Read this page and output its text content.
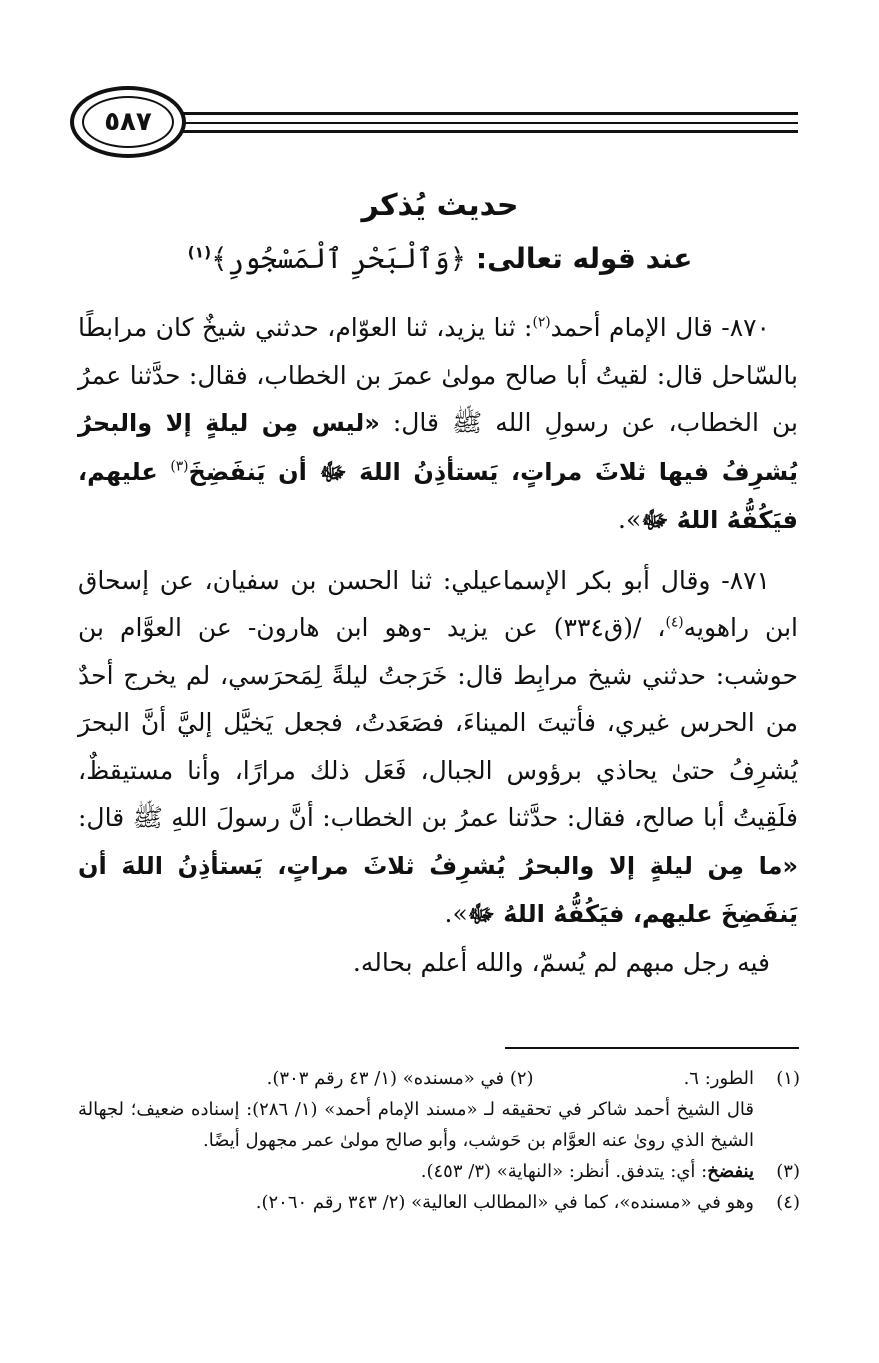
٥٨٧

حديث يُذكر

عند قوله تعالى: ﴿وَٱلْبَحْرِ ٱلْمَسْجُورِ﴾$^{(١)}$

٨٧٠- قال الإمام أحمد$^{(٢)}$: ثنا يزيد، ثنا العوّام، حدثني شيخٌ كان مرابطًا بالسّاحل قال: لقيتُ أبا صالح مولىٰ عمرَ بن الخطاب، فقال: حدَّثنا عمرُ بن الخطاب، عن رسولِ الله ﷺ قال: «ليس مِن ليلةٍ إلا والبحرُ يُشرِفُ فيها ثلاثَ مراتٍ، يَستأذِنُ اللهَ ﷻ أن يَنفَضِخَ$^{(٣)}$ عليهم، فيَكُفُّهُ اللهُ ﷻ».

٨٧١- وقال أبو بكر الإسماعيلي: ثنا الحسن بن سفيان، عن إسحاق ابن راهويه$^{(٤)}$، /(ق٣٣٤) عن يزيد -وهو ابن هارون- عن العوَّام بن حوشب: حدثني شيخ مرابِط قال: خَرَجتُ ليلةً لِمَحرَسي، لم يخرج أحدٌ من الحرس غيري، فأتيتَ الميناءَ، فصَعَدتُ، فجعل يَخيَّل إليَّ أنَّ البحرَ يُشرِفُ حتىٰ يحاذي برؤوس الجبال، فَعَل ذلك مرارًا، وأنا مستيقظٌ، فلَقِيتُ أبا صالح، فقال: حدَّثنا عمرُ بن الخطاب: أنَّ رسولَ اللهِ ﷺ قال: «ما مِن ليلةٍ إلا والبحرُ يُشرِفُ ثلاثَ مراتٍ، يَستأذِنُ اللهَ أن يَنفَضِخَ عليهم، فيَكُفُّهُ اللهُ ﷻ».

فيه رجل مبهم لم يُسمّ، والله أعلم بحاله.

(١)
الطور: ٦.(٢) في «مسنده» (١/ ٤٣ رقم ٣٠٣).
قال الشيخ أحمد شاكر في تحقيقه لـ «مسند الإمام أحمد» (١/ ٢٨٦): إسناده ضعيف؛ لجهالة الشيخ الذي روىٰ عنه العوَّام بن حَوشب، وأبو صالح مولىٰ عمر مجهول أيضًا.
(٣)
ينفضخ: أي: يتدفق. أنظر: «النهاية» (٣/ ٤٥٣).
(٤)
وهو في «مسنده»، كما في «المطالب العالية» (٢/ ٣٤٣ رقم ٢٠٦٠).
